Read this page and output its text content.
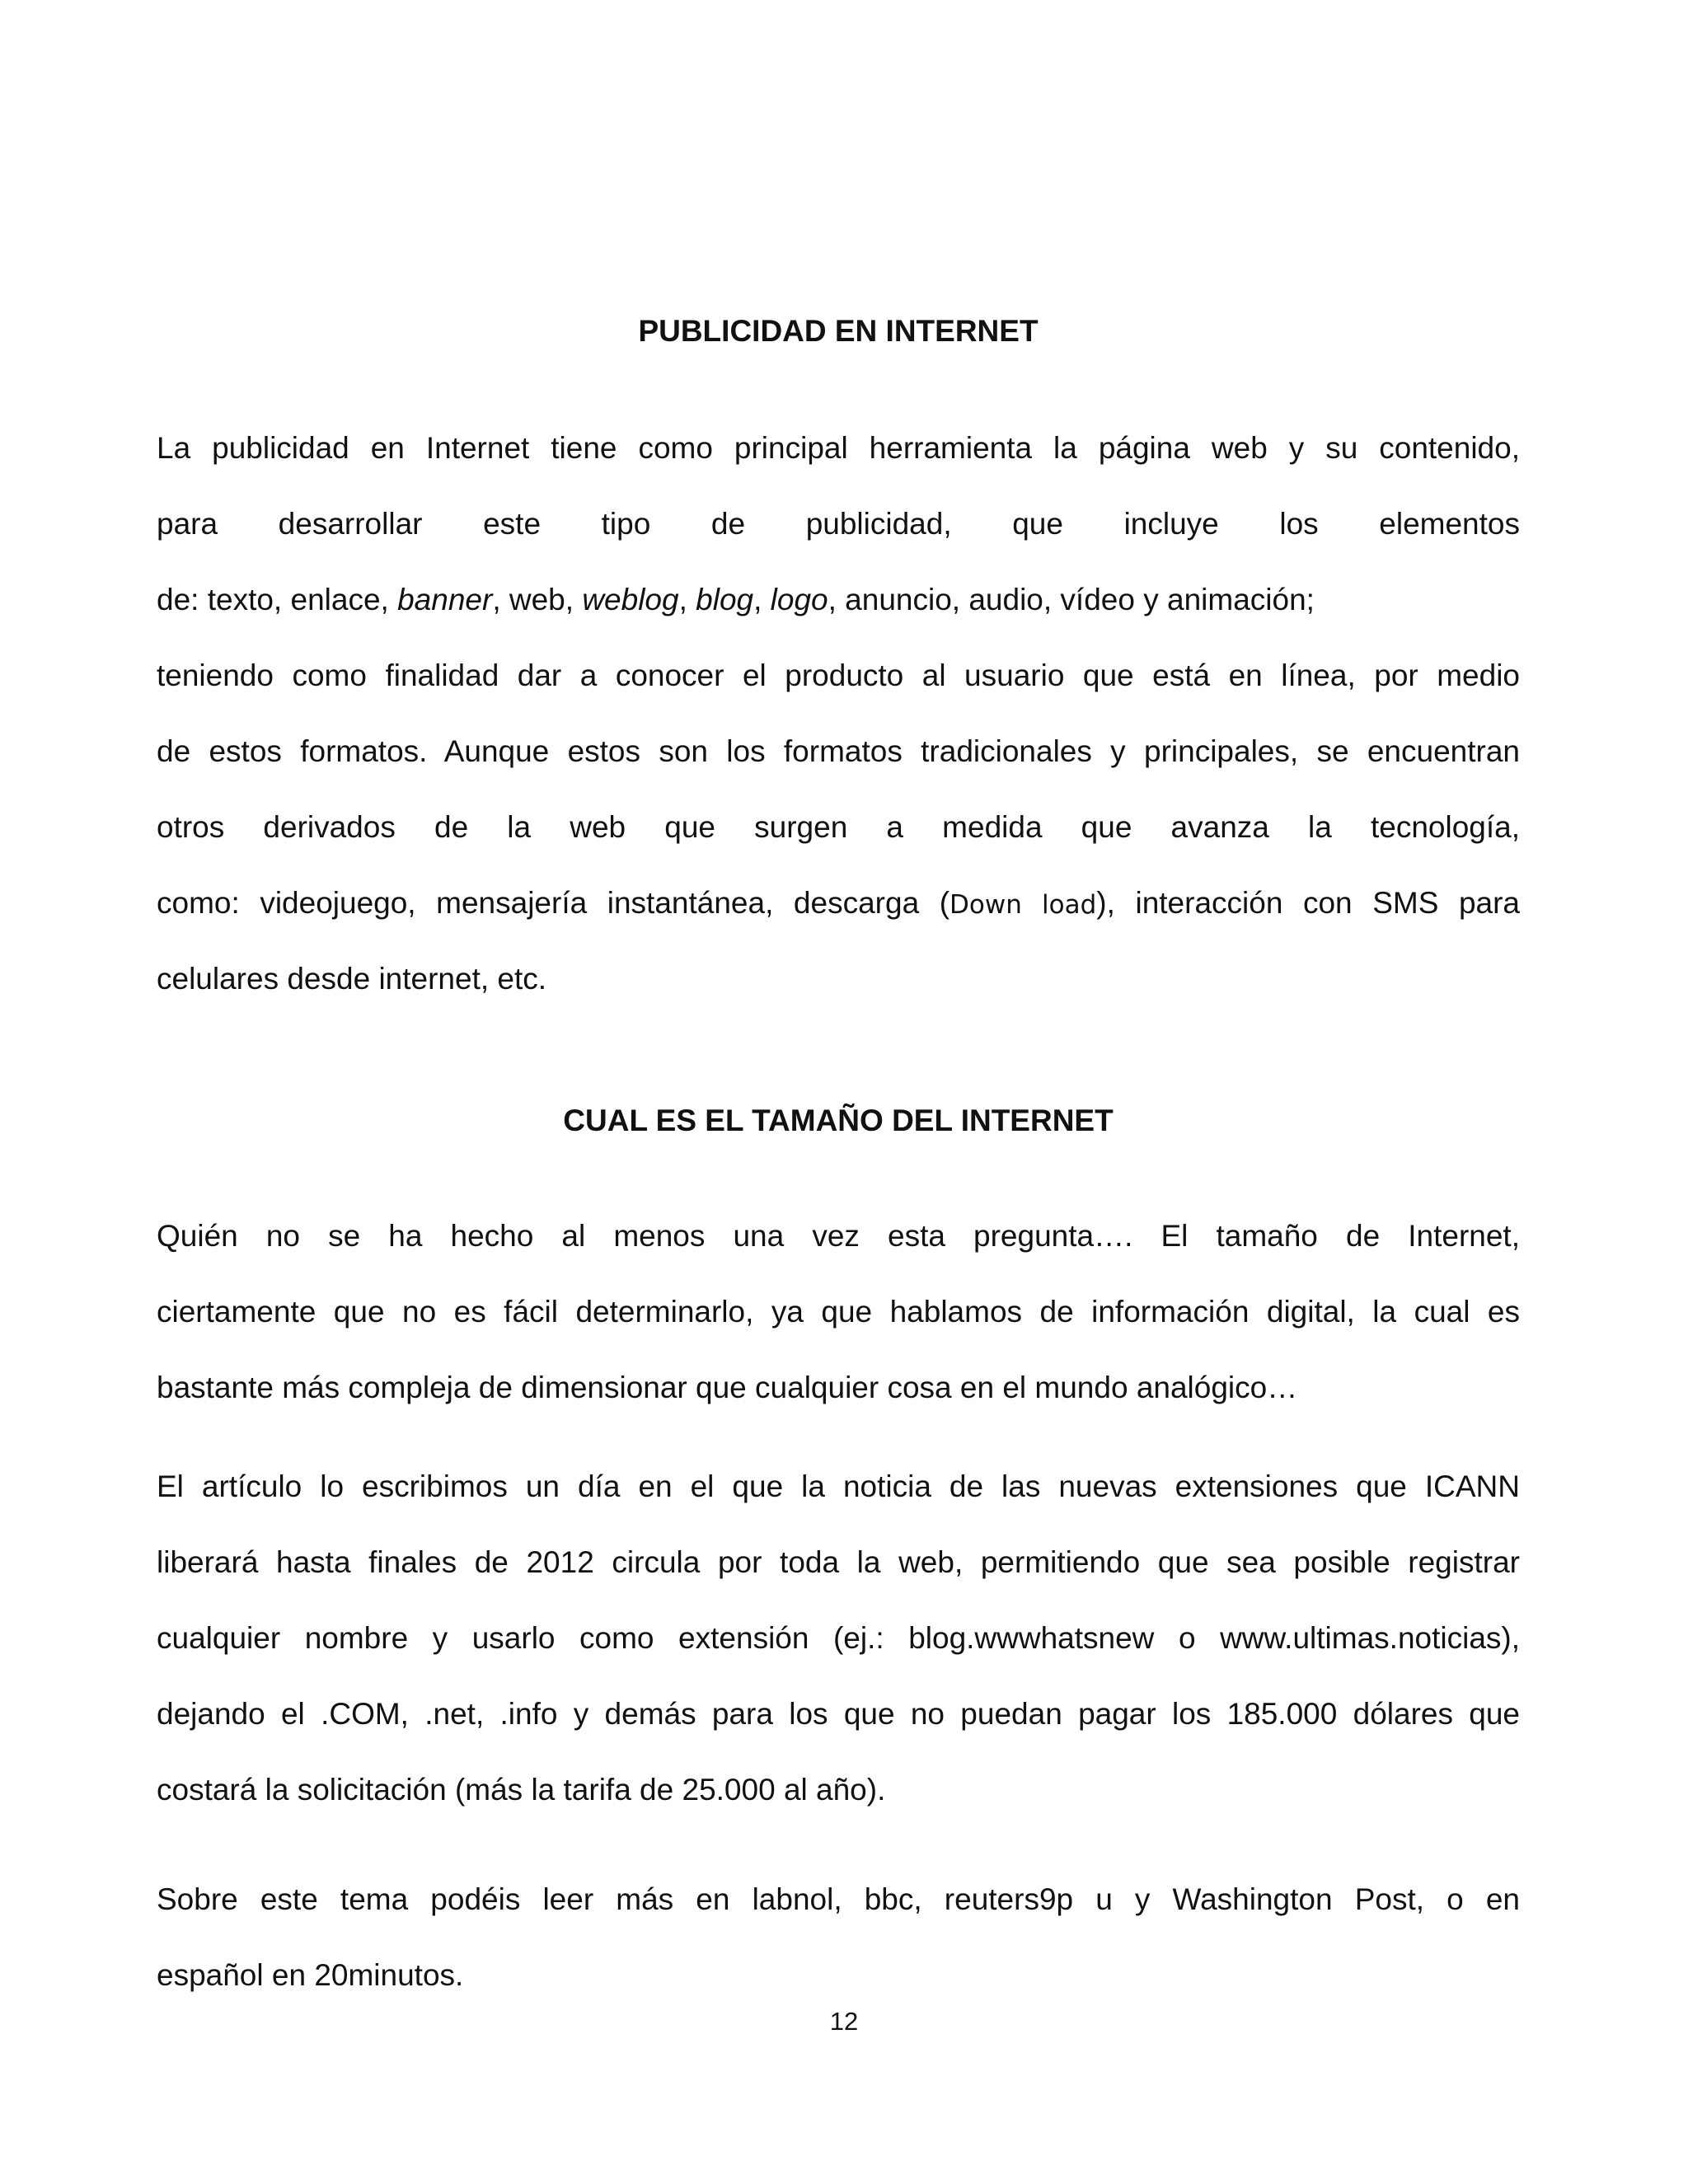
PUBLICIDAD EN INTERNET
La publicidad en Internet tiene como principal herramienta la página web y su contenido,
para desarrollar este tipo de publicidad, que incluye los elementos
de: texto, enlace, banner, web, weblog, blog, logo, anuncio, audio, vídeo y animación;
teniendo como finalidad dar a conocer el producto al usuario que está en línea, por medio
de estos formatos. Aunque estos son los formatos tradicionales y principales, se encuentran
otros derivados de la web que surgen a medida que avanza la tecnología,
como: videojuego, mensajería instantánea, descarga (Down load), interacción con SMS para
celulares desde internet, etc.
CUAL ES EL TAMAÑO DEL INTERNET
Quién no se ha hecho al menos una vez esta pregunta…. El tamaño de Internet,
ciertamente que no es fácil determinarlo, ya que hablamos de información digital, la cual es
bastante más compleja de dimensionar que cualquier cosa en el mundo analógico…
El artículo lo escribimos un día en el que la noticia de las nuevas extensiones que ICANN
liberará hasta finales de 2012 circula por toda la web, permitiendo que sea posible registrar
cualquier nombre y usarlo como extensión (ej.: blog.wwwhatsnew o www.ultimas.noticias),
dejando el .COM, .net, .info y demás para los que no puedan pagar los 185.000 dólares que
costará la solicitación (más la tarifa de 25.000 al año).
Sobre este tema podéis leer más en labnol, bbc, reuters9p u y Washington Post, o en
español en 20minutos.
12
